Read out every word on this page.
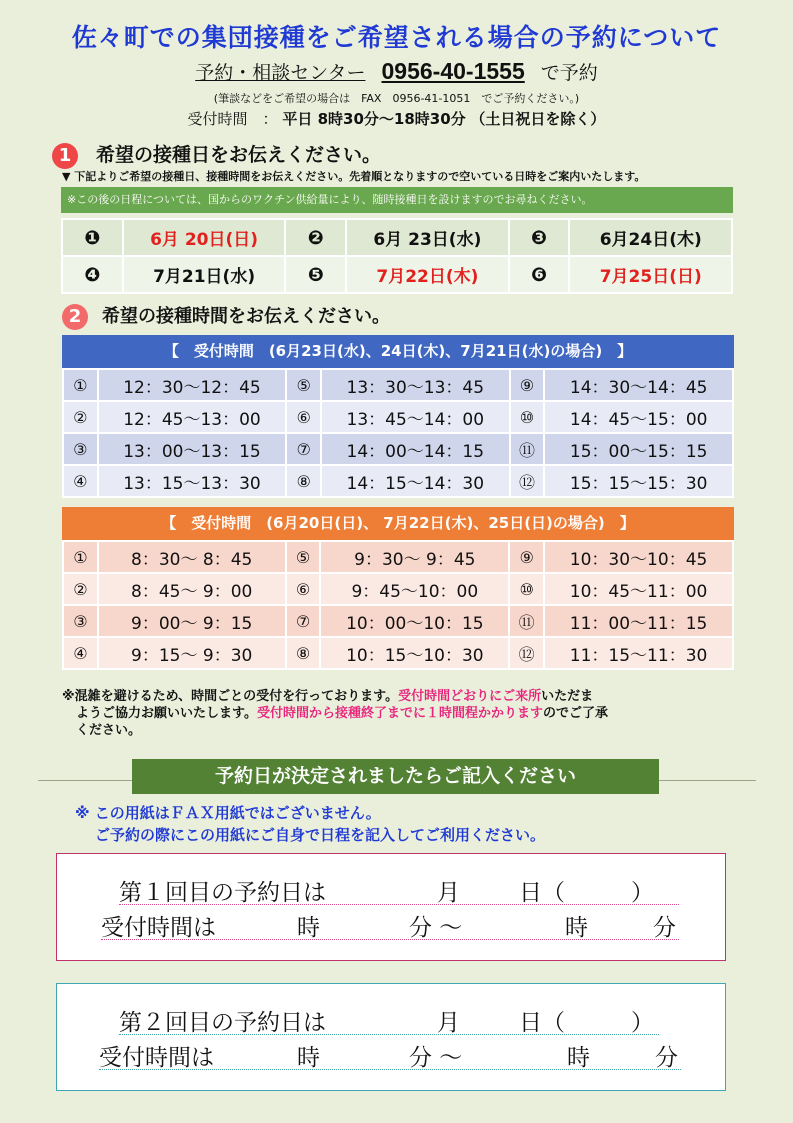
佐々町での集団接種をご希望される場合の予約について
予約・相談センター 0956-40-1555 で予約
(筆談などをご希望の場合は　FAX　0956-41-1051　でご予約ください。)
受付時間　： 平日 8時30分～18時30分 （土日祝日を除く）
1 希望の接種日をお伝えください。
▼ 下記よりご希望の接種日、接種時間をお伝えください。先着順となりますので空いている日時をご案内いたします。
※この後の日程については、国からのワクチン供給量により、随時接種日を設けますのでお尋ねください。
❶	6月 20日(日)	❷	6月 23日(水)	❸	6月24日(木)
❹	7月21日(水)	❺	7月22日(木)	❻	7月25日(日)
2 希望の接種時間をお伝えください。
【　受付時間　(6月23日(水)、24日(木)、7月21日(水)の場合)　】
①	12：30～12：45	⑤	13：30～13：45	⑨	14：30～14：45
②	12：45～13：00	⑥	13：45～14：00	⑩	14：45～15：00
③	13：00～13：15	⑦	14：00～14：15	⑪	15：00～15：15
④	13：15～13：30	⑧	14：15～14：30	⑫	15：15～15：30
【　受付時間　(6月20日(日)、 7月22日(木)、25日(日)の場合)　】
①	8：30～ 8：45	⑤	9：30～ 9：45	⑨	10：30～10：45
②	8：45～ 9：00	⑥	9：45～10：00	⑩	10：45～11：00
③	9：00～ 9：15	⑦	10：00～10：15	⑪	11：00～11：15
④	9：15～ 9：30	⑧	10：15～10：30	⑫	11：15～11：30

※混雑を避けるため、時間ごとの受付を行っております。受付時間どおりにご来所いただま

ようご協力お願いいたします。受付時間から接種終了までに１時間程かかりますのでご了承

ください。

予約日が決定されましたらご記入ください

※ この用紙はＦＡＸ用紙ではございません。

ご予約の際にこの用紙にご自身で日程を記入してご利用ください。

第１回目の予約日は	月	日（	）
受付時間は	時	分 ～	時	分
第２回目の予約日は	月	日（	）
受付時間は	時	分 ～	時	分
